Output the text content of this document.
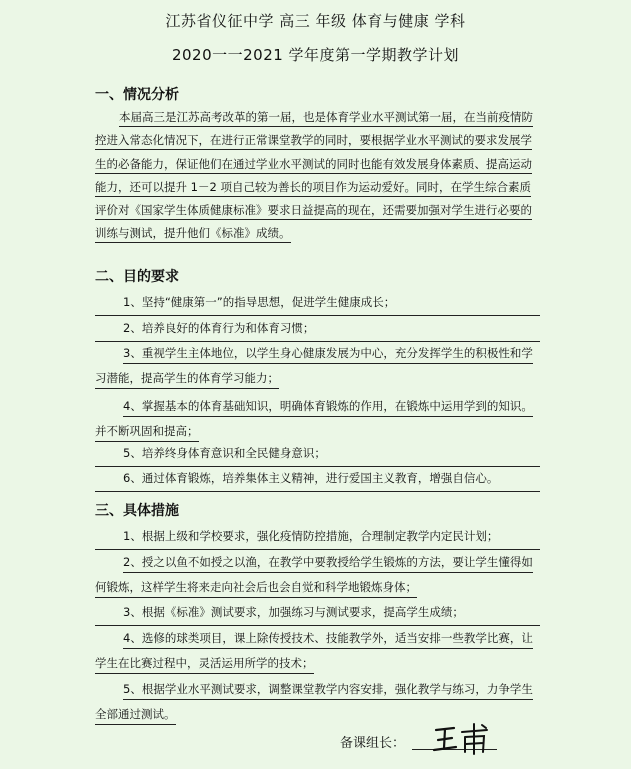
江苏省仪征中学 高三 年级 体育与健康 学科
2020一一2021 学年度第一学期教学计划
一、情况分析
本届高三是江苏高考改革的第一届，也是体育学业水平测试第一届，在当前疫情防控进入常态化情况下，在进行正常课堂教学的同时，要根据学业水平测试的要求发展学生的必备能力，保证他们在通过学业水平测试的同时也能有效发展身体素质、提高运动能力，还可以提升 1－2 项自己较为善长的项目作为运动爱好。同时，在学生综合素质评价对《国家学生体质健康标准》要求日益提高的现在，还需要加强对学生进行必要的训练与测试，提升他们《标准》成绩。
二、目的要求
1、坚持“健康第一”的指导思想，促进学生健康成长；
2、培养良好的体育行为和体育习惯；
3、重视学生主体地位，以学生身心健康发展为中心，充分发挥学生的积极性和学习潜能，提高学生的体育学习能力；
4、掌握基本的体育基础知识，明确体育锻炼的作用，在锻炼中运用学到的知识。并不断巩固和提高；
5、培养终身体育意识和全民健身意识；
6、通过体育锻炼，培养集体主义精神，进行爱国主义教育，增强自信心。
三、具体措施
1、根据上级和学校要求，强化疫情防控措施，合理制定教学内定民计划；
2、授之以鱼不如授之以渔，在教学中要教授给学生锻炼的方法，要让学生懂得如何锻炼，这样学生将来走向社会后也会自觉和科学地锻炼身体；
3、根据《标准》测试要求，加强练习与测试要求，提高学生成绩；
4、选修的球类项目，课上除传授技术、技能教学外，适当安排一些教学比赛，让学生在比赛过程中，灵活运用所学的技术；
5、根据学业水平测试要求，调整课堂教学内容安排，强化教学与练习，力争学生全部通过测试。
备课组长：
